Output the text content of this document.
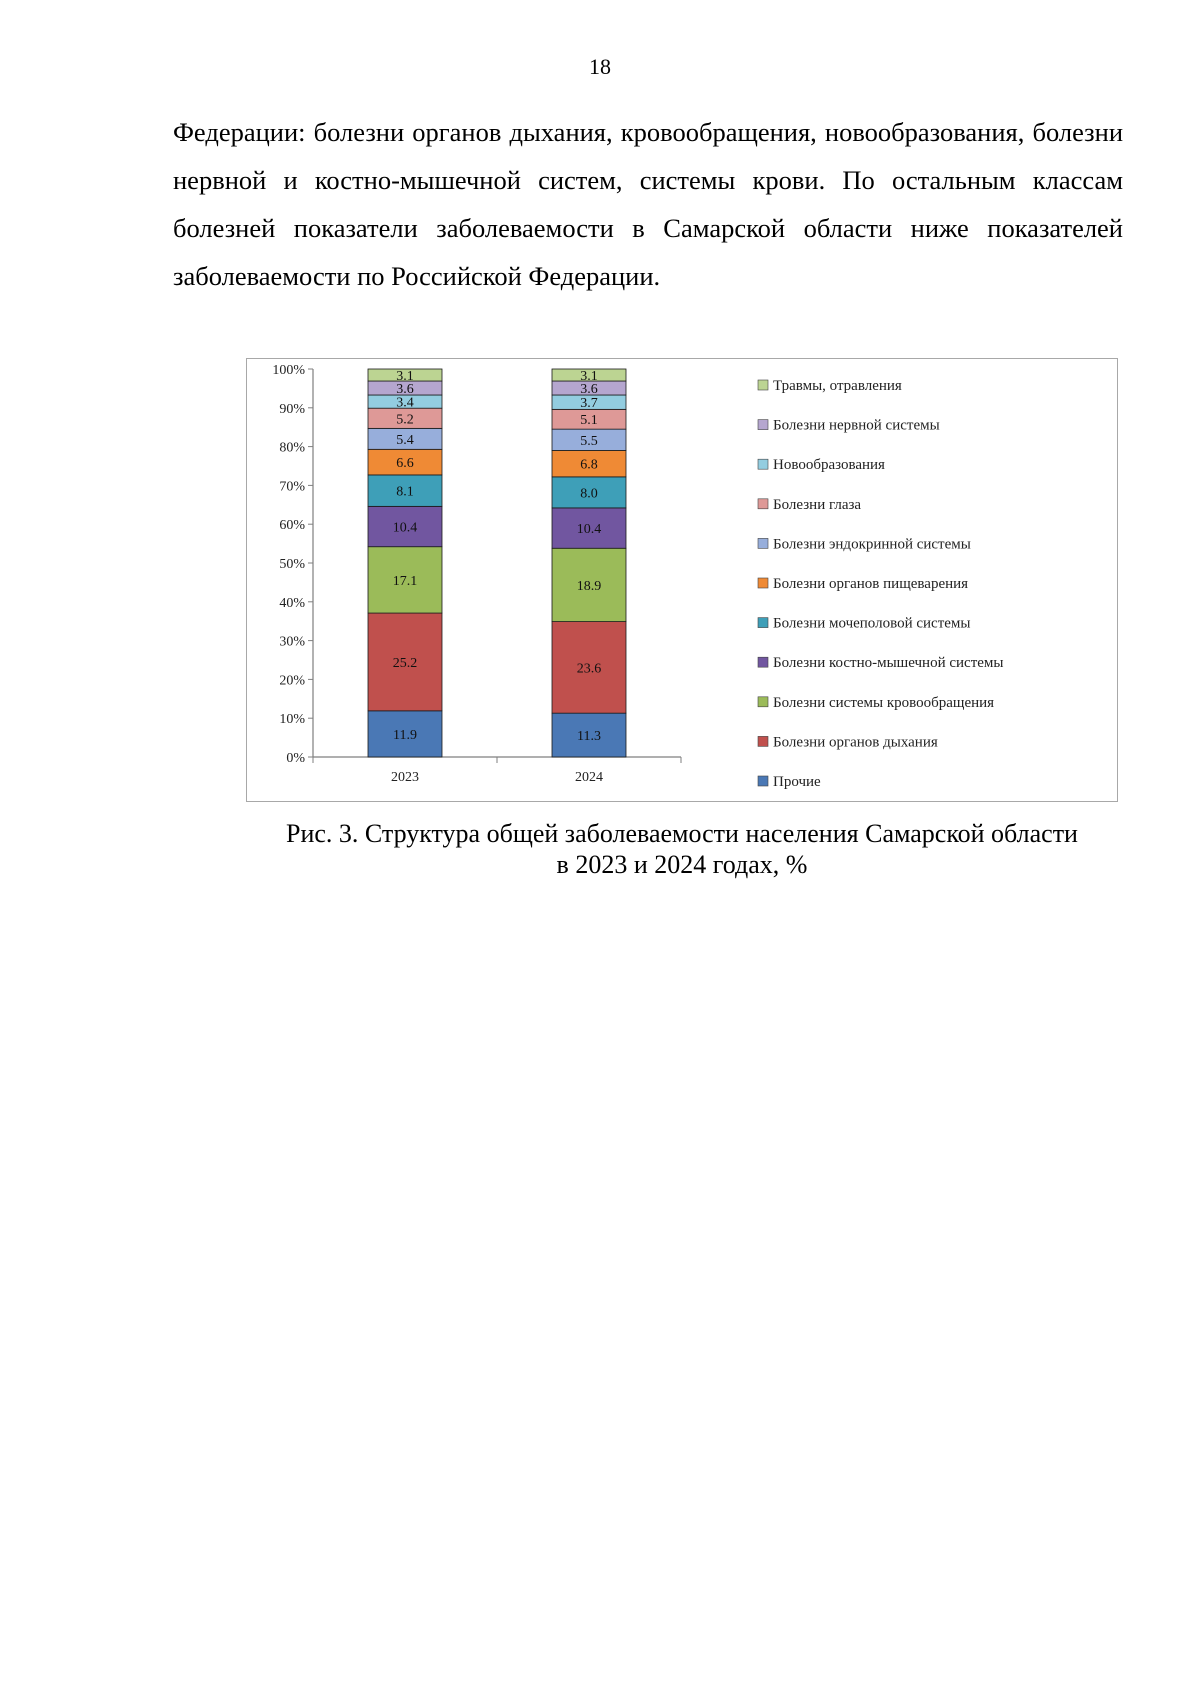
18

Федерации: болезни органов дыхания, кровообращения, новообразования, болезни нервной и костно-мышечной систем, системы крови. По остальным классам болезней показатели заболеваемости в Самарской области ниже показателей заболеваемости по Российской Федерации.

0%
10%
20%
30%
40%
50%
60%
70%
80%
90%
100%
2023	2024
11.9
25.2
17.1
10.4
8.1
6.6
5.4
5.2
3.4
3.6
3.1
11.3
23.6
18.9
10.4
8.0
6.8
5.5
5.1
3.7
3.6
3.1
Травмы, отравления
Болезни нервной системы
Новообразования
Болезни глаза
Болезни эндокринной системы
Болезни органов пищеварения
Болезни мочеполовой системы
Болезни костно-мышечной системы
Болезни системы кровообращения
Болезни органов дыхания
Прочие
Рис. 3. Структура общей заболеваемости населения Самарской области
в 2023 и 2024 годах, %
